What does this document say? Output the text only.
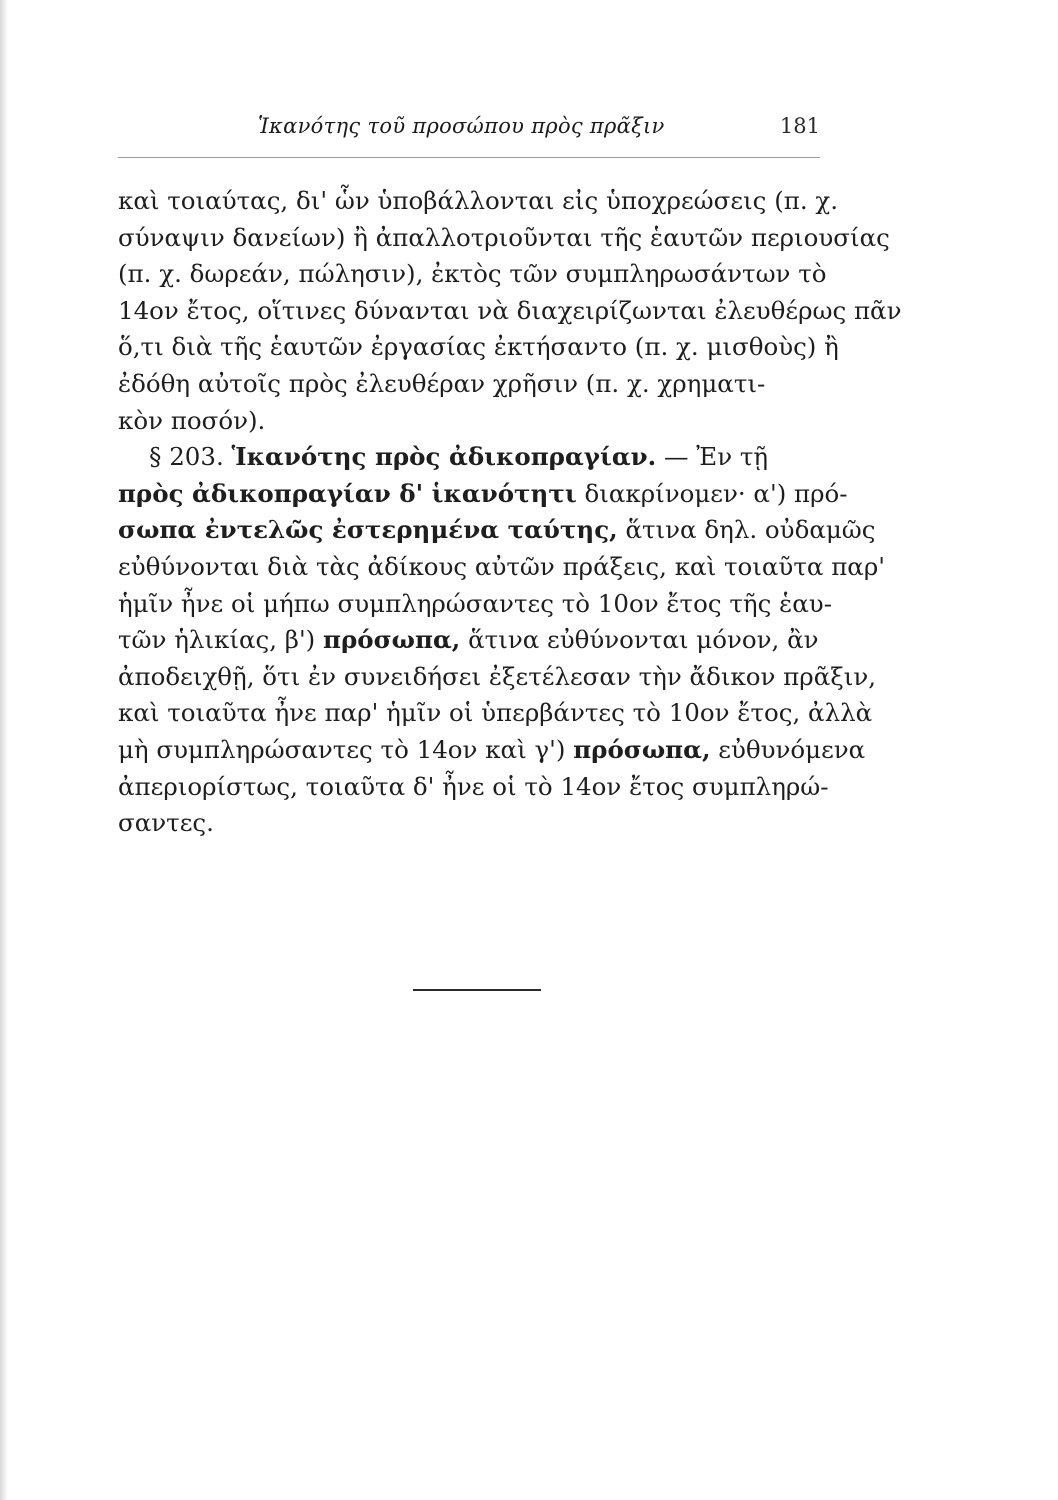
Ἱκανότης τοῦ προσώπου πρὸς πρᾶξιν	181
καὶ τοιαύτας, δι' ὧν ὑποβάλλονται εἰς ὑποχρεώσεις (π. χ.
σύναψιν δανείων) ἢ ἀπαλλοτριοῦνται τῆς ἑαυτῶν περιουσίας
(π. χ. δωρεάν, πώλησιν), ἐκτὸς τῶν συμπληρωσάντων τὸ
14ον ἔτος, οἵτινες δύνανται νὰ διαχειρίζωνται ἐλευθέρως πᾶν
ὅ,τι διὰ τῆς ἑαυτῶν ἐργασίας ἐκτήσαντο (π. χ. μισθοὺς) ἢ
ἐδόθη αὐτοῖς πρὸς ἐλευθέραν χρῆσιν (π. χ. χρηματι-
κὸν ποσόν).
§ 203. Ἱκανότης πρὸς ἀδικοπραγίαν. — Ἐν τῇ
πρὸς ἀδικοπραγίαν δ' ἱκανότητι διακρίνομεν· α') πρό-
σωπα ἐντελῶς ἐστερημένα ταύτης, ἅτινα δηλ. οὐδαμῶς
εὐθύνονται διὰ τὰς ἀδίκους αὐτῶν πράξεις, καὶ τοιαῦτα παρ'
ἡμῖν ἦνε οἱ μήπω συμπληρώσαντες τὸ 10ον ἔτος τῆς ἑαυ-
τῶν ἡλικίας, β') πρόσωπα, ἅτινα εὐθύνονται μόνον, ἂν
ἀποδειχθῇ, ὅτι ἐν συνειδήσει ἐξετέλεσαν τὴν ἄδικον πρᾶξιν,
καὶ τοιαῦτα ἦνε παρ' ἡμῖν οἱ ὑπερβάντες τὸ 10ον ἔτος, ἀλλὰ
μὴ συμπληρώσαντες τὸ 14ον καὶ γ') πρόσωπα, εὐθυνόμενα
ἀπεριορίστως, τοιαῦτα δ' ἦνε οἱ τὸ 14ον ἔτος συμπληρώ-
σαντες.
